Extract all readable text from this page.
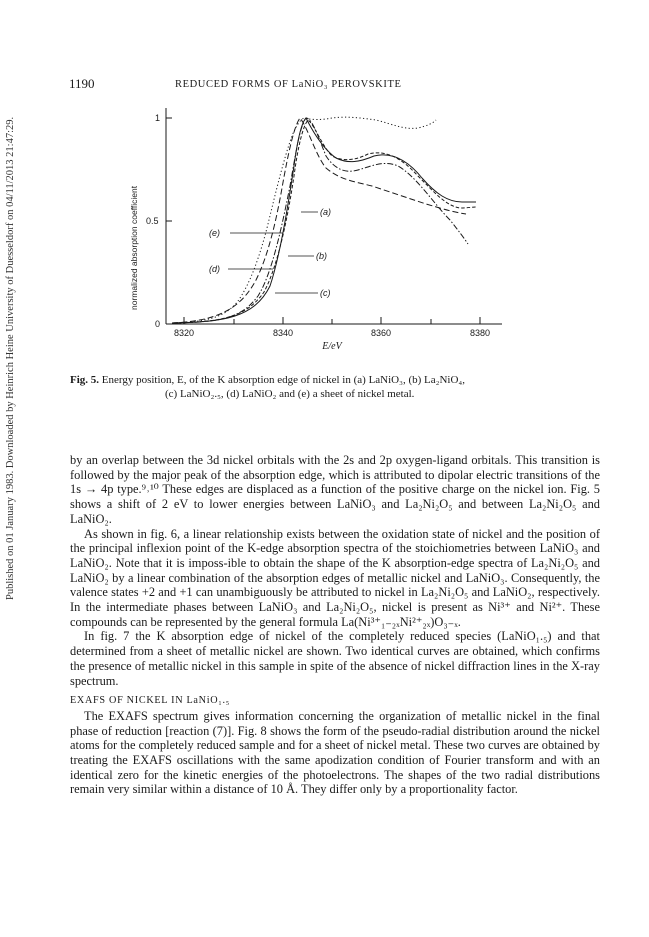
Published on 01 January 1983. Downloaded by Heinrich Heine University of Duesseldorf on 04/11/2013 21:47:29.
1190	REDUCED FORMS OF LaNiO₃ PEROVSKITE
1
0.5
0
8320	8340	8360	8380
E/eV
normalized absorption coefficient	(a)
(e)
(b)
(d)
(c)
Fig. 5. Energy position, E, of the K absorption edge of nickel in (a) LaNiO₃, (b) La₂NiO₄,
(c) LaNiO₂.₅, (d) LaNiO₂ and (e) a sheet of nickel metal.

by an overlap between the 3d nickel orbitals with the 2s and 2p oxygen-ligand orbitals. This transition is followed by the major peak of the absorption edge, which is attributed to dipolar electric transitions of the 1s → 4p type.⁹˒¹⁰ These edges are displaced as a function of the positive charge on the nickel ion. Fig. 5 shows a shift of 2 eV to lower energies between LaNiO₃ and La₂Ni₂O₅ and between La₂Ni₂O₅ and LaNiO₂.

As shown in fig. 6, a linear relationship exists between the oxidation state of nickel and the position of the principal inflexion point of the K-edge absorption spectra of the stoichiometries between LaNiO₃ and LaNiO₂. Note that it is imposs-ible to obtain the shape of the K absorption-edge spectra of La₂Ni₂O₅ and LaNiO₂ by a linear combination of the absorption edges of metallic nickel and LaNiO₃. Consequently, the valence states +2 and +1 can unambiguously be attributed to nickel in La₂Ni₂O₅ and LaNiO₂, respectively. In the intermediate phases between LaNiO₃ and La₂Ni₂O₅, nickel is present as Ni³⁺ and Ni²⁺. These compounds can be represented by the general formula La(Ni³⁺₁₋₂ₓNi²⁺₂ₓ)O₃₋ₓ.

In fig. 7 the K absorption edge of nickel of the completely reduced species (LaNiO₁.₅) and that determined from a sheet of metallic nickel are shown. Two identical curves are obtained, which confirms the presence of metallic nickel in this sample in spite of the absence of nickel diffraction lines in the X-ray spectrum.

EXAFS OF NICKEL IN LaNiO₁.₅

The EXAFS spectrum gives information concerning the organization of metallic nickel in the final phase of reduction [reaction (7)]. Fig. 8 shows the form of the pseudo-radial distribution around the nickel atoms for the completely reduced sample and for a sheet of nickel metal. These two curves are obtained by treating the EXAFS oscillations with the same apodization condition of Fourier transform and with an identical zero for the kinetic energies of the photoelectrons. The shapes of the two radial distributions remain very similar within a distance of 10 Å. They differ only by a proportionality factor.
